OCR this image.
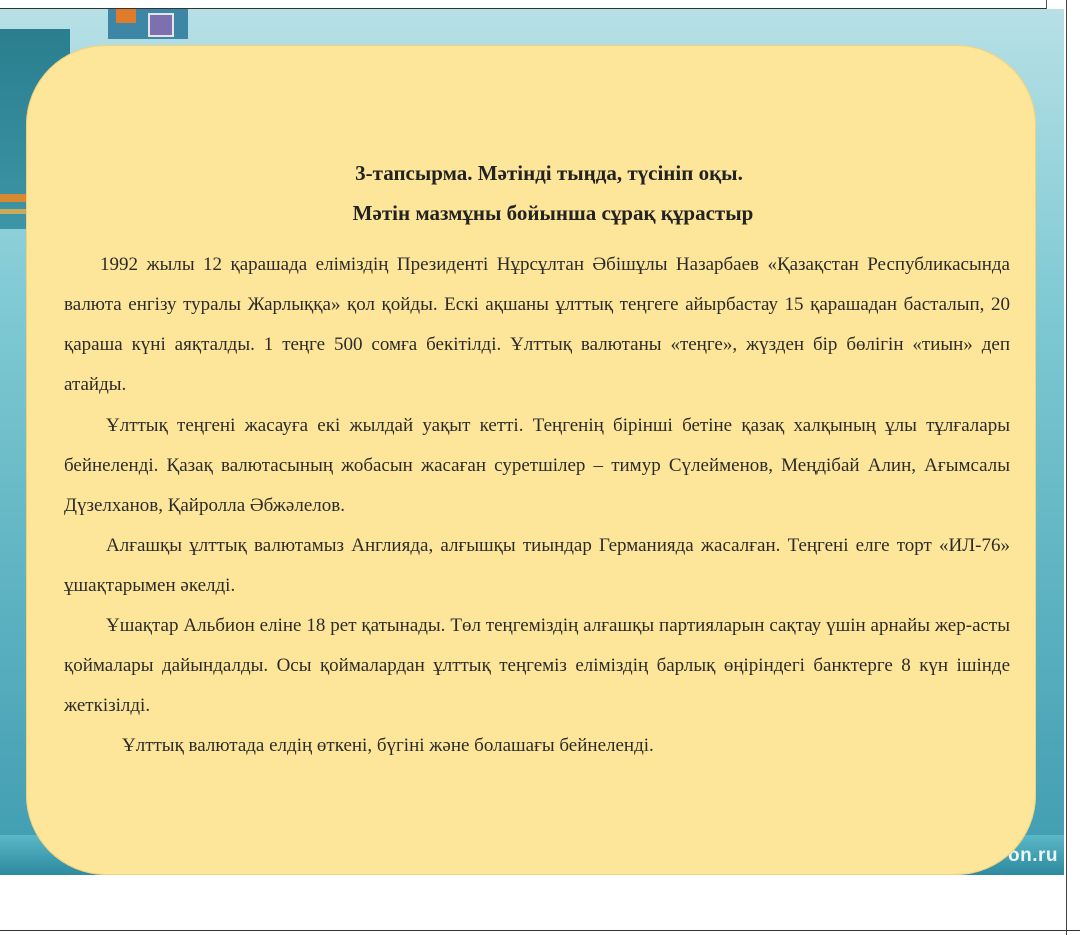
on.ru
3-тапсырма. Мәтінді тыңда, түсініп оқы.
Мәтін мазмұны бойынша сұрақ құрастыр
1992 жылы 12 қарашада еліміздің Президенті Нұрсұлтан Әбішұлы Назарбаев «Қазақстан Республикасында валюта енгізу туралы Жарлыққа» қол қойды. Ескі ақшаны ұлттық теңгеге айырбастау 15 қарашадан басталып, 20 қараша күні аяқталды. 1 теңге 500 сомға бекітілді. Ұлттық валютаны «теңге», жүзден бір бөлігін «тиын» деп атайды.
Ұлттық теңгені жасауға екі жылдай уақыт кетті. Теңгенің бірінші бетіне қазақ халқының ұлы тұлғалары бейнеленді. Қазақ валютасының жобасын жасаған суретшілер – тимур Сүлейменов, Меңдібай Алин, Ағымсалы Дүзелханов, Қайролла Әбжәлелов.
Алғашқы ұлттық валютамыз Англияда, алғышқы тиындар Германияда жасалған. Теңгені елге торт «ИЛ-76» ұшақтарымен әкелді.
Ұшақтар Альбион еліне 18 рет қатынады. Төл теңгеміздің алғашқы партияларын сақтау үшін арнайы жер-асты қоймалары дайындалды. Осы қоймалардан ұлттық теңгеміз еліміздің барлық өңіріндегі банктерге 8 күн ішінде жеткізілді.
Ұлттық валютада елдің өткені, бүгіні және болашағы бейнеленді.
